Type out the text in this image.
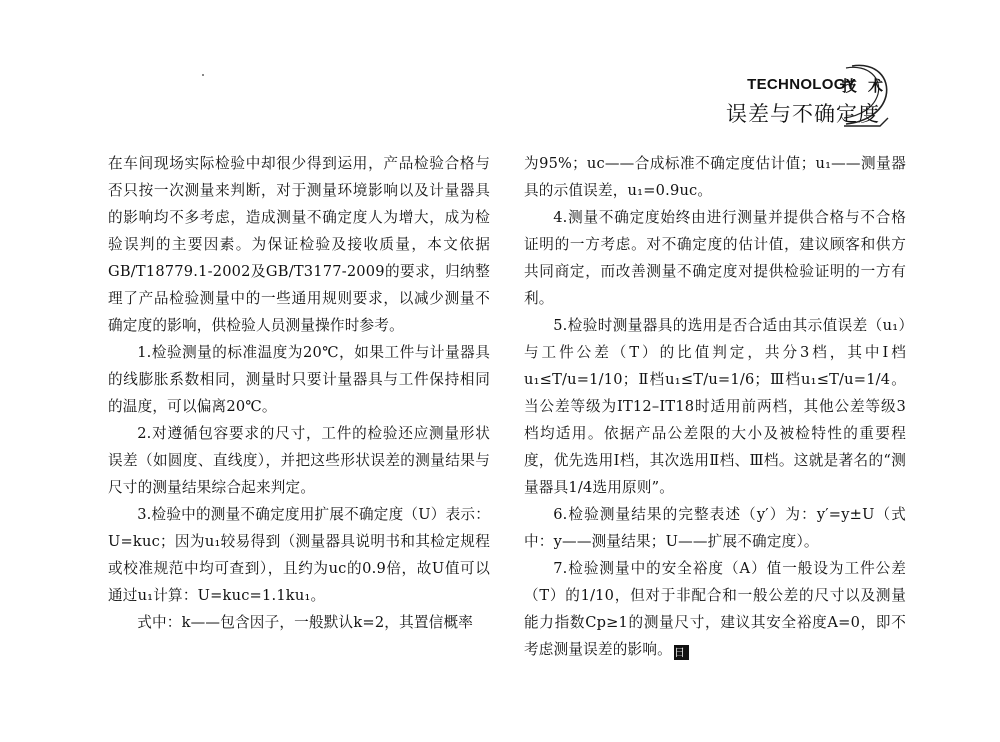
TECHNOLOGY
技 术
误差与不确定度

在车间现场实际检验中却很少得到运用，产品检验合格与否只按一次测量来判断，对于测量环境影响以及计量器具的影响均不多考虑，造成测量不确定度人为增大，成为检验误判的主要因素。为保证检验及接收质量，本文依据GB/T18779.1-2002及GB/T3177-2009的要求，归纳整理了产品检验测量中的一些通用规则要求，以减少测量不确定度的影响，供检验人员测量操作时参考。

1.检验测量的标准温度为20℃，如果工件与计量器具的线膨胀系数相同，测量时只要计量器具与工件保持相同的温度，可以偏离20℃。

2.对遵循包容要求的尺寸，工件的检验还应测量形状误差（如圆度、直线度），并把这些形状误差的测量结果与尺寸的测量结果综合起来判定。

3.检验中的测量不确定度用扩展不确定度（U）表示：U=kuc；因为u₁较易得到（测量器具说明书和其检定规程或校准规范中均可查到），且约为uc的0.9倍，故U值可以通过u₁计算：U=kuc=1.1ku₁。

式中：k——包含因子，一般默认k=2，其置信概率

为95%；uc——合成标准不确定度估计值；u₁——测量器具的示值误差，u₁=0.9uc。

4.测量不确定度始终由进行测量并提供合格与不合格证明的一方考虑。对不确定度的估计值，建议顾客和供方共同商定，而改善测量不确定度对提供检验证明的一方有利。

5.检验时测量器具的选用是否合适由其示值误差（u₁）与工件公差（T）的比值判定，共分3档，其中I档u₁≤T/u=1/10；Ⅱ档u₁≤T/u=1/6；Ⅲ档u₁≤T/u=1/4。当公差等级为IT12–IT18时适用前两档，其他公差等级3档均适用。依据产品公差限的大小及被检特性的重要程度，优先选用I档，其次选用Ⅱ档、Ⅲ档。这就是著名的“测量器具1/4选用原则”。

6.检验测量结果的完整表述（y′）为：y′=y±U（式中：y——测量结果；U——扩展不确定度）。

7.检验测量中的安全裕度（A）值一般设为工件公差（T）的1/10，但对于非配合和一般公差的尺寸以及测量能力指数Cp≥1的测量尺寸，建议其安全裕度A=0，即不考虑测量误差的影响。 日
